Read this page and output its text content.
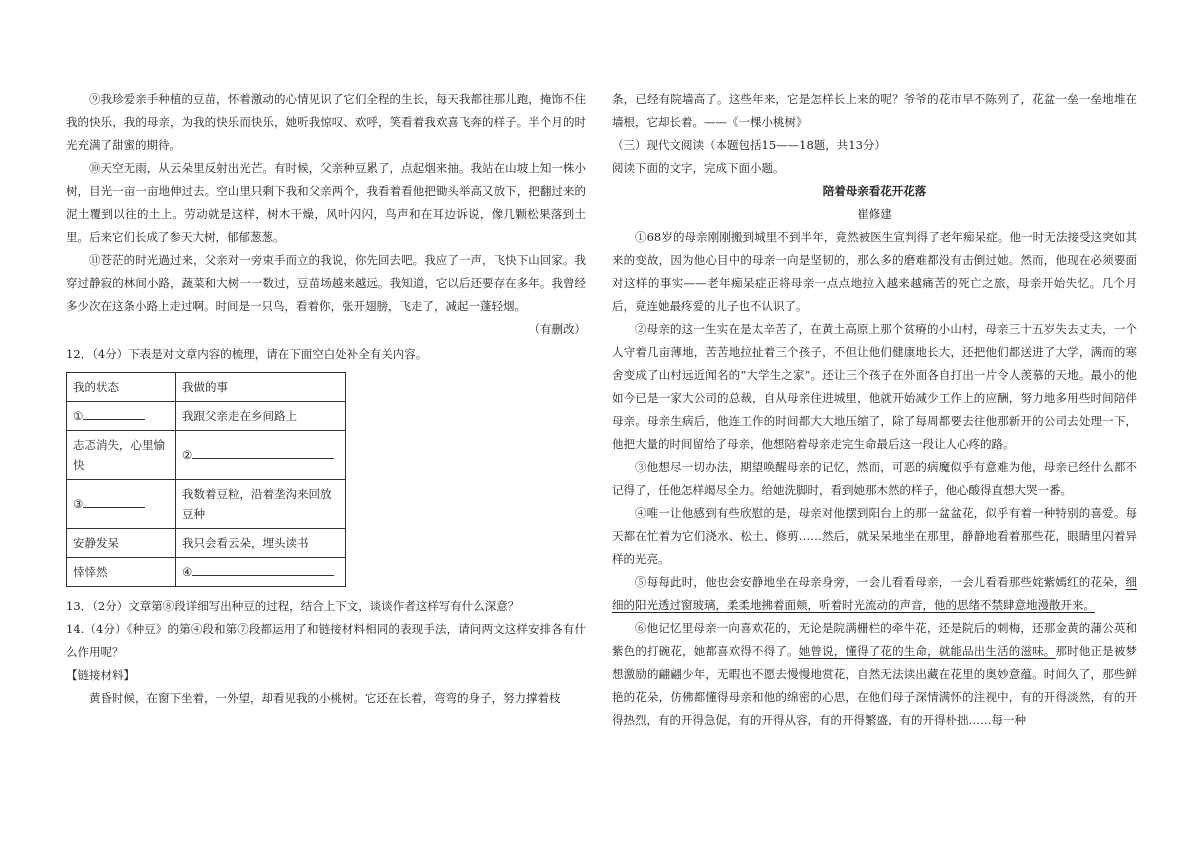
⑨我珍爱亲手种植的豆苗，怀着激动的心情见识了它们全程的生长，每天我都往那儿跑，掩饰不住我的快乐，我的母亲，为我的快乐而快乐，她听我惊叹、欢呼，笑看着我欢喜飞奔的样子。半个月的时光充满了甜蜜的期待。

⑩天空无雨，从云朵里反射出光芒。有时候，父亲种豆累了，点起烟来抽。我站在山坡上知一株小树，目光一亩一亩地伸过去。空山里只剩下我和父亲两个，我看着看他把锄头举高又放下，把翻过来的泥土覆到以往的土上。劳动就是这样，树木干燥，风叶闪闪，鸟声和在耳边诉说，像几颗松果落到土里。后来它们长成了参天大树，郁郁葱葱。

⑪苍茫的时光過过来，父亲对一旁束手而立的我说，你先回去吧。我应了一声，飞快下山回家。我穿过静寂的林间小路，蔬菜和大树一一数过，豆苗场越来越远。我知道，它以后还要存在多年。我曾经多少次在这条小路上走过啊。时间是一只鸟，看着你，张开翅膀，飞走了，减起一蓬轻烟。

（有删改）

12．（4分）下表是对文章内容的梳理，请在下面空白处补全有关内容。

我的状态	我做的事
①	我跟父亲走在乡间路上
志忑消失，心里愉快	②
③	我数着豆粒，沿着垄沟来回放豆种
安静发呆	我只会看云朵，埋头读书
悻悻然	④

13．（2分）文章第⑧段详细写出种豆的过程，结合上下文，谈谈作者这样写有什么深意？

14.（4分）《种豆》的第④段和第⑦段都运用了和链接材料相同的表现手法，请问两文这样安排各有什么作用呢？

【链接材料】

黄昏时候，在窗下坐着，一外望，却看见我的小桃树。它还在长着，弯弯的身子，努力撑着枝

条，已经有院墙高了。这些年来，它是怎样长上来的呢？爷爷的花市早不陈列了，花盆一垒一垒地堆在墙根，它却长着。——《一棵小桃树》

（三）现代文阅读（本题包括15——18题，共13分）

阅读下面的文字，完成下面小题。

陪着母亲看花开花落

崔修建

①68岁的母亲刚刚搬到城里不到半年，竟然被医生宣判得了老年痴呆症。他一时无法接受这突如其来的变故，因为他心目中的母亲一向是坚韧的，那么多的磨难都没有击倒过她。然而，他现在必须要面对这样的事实——老年痴呆症正将母亲一点点地拉入越来越痛苦的死亡之旅，母亲开始失忆。几个月后，竟连她最疼爱的儿子也不认识了。

②母亲的这一生实在是太辛苦了，在黄土高原上那个贫瘠的小山村，母亲三十五岁失去丈夫，一个人守着几亩薄地，苦苦地拉扯着三个孩子，不但让他们健康地长大，还把他们都送进了大学，满而的寒舍变成了山村远近闻名的“大学生之家”。还让三个孩子在外面各自打出一片令人羡慕的天地。最小的他如今已是一家大公司的总裁，自从母亲住进城里，他就开始减少工作上的应酬，努力地多用些时间陪伴母亲。母亲生病后，他连工作的时间都大大地压缩了，除了每周都要去往他那新开的公司去处理一下，他把大量的时间留给了母亲，他想陪着母亲走完生命最后这一段让人心疼的路。

③他想尽一切办法，期望唤醒母亲的记忆，然而，可恶的病魔似乎有意难为他，母亲已经什么都不记得了，任他怎样竭尽全力。给她洗脚时，看到她那木然的样子，他心酸得直想大哭一番。

④唯一让他感到有些欣慰的是，母亲对他摆到阳台上的那一盆盆花，似乎有着一种特别的喜爱。每天都在忙着为它们浇水、松土、修剪……然后，就呆呆地坐在那里，静静地看着那些花，眼睛里闪着异样的光亮。

⑤每每此时，他也会安静地坐在母亲身旁，一会儿看看母亲，一会儿看看那些姹紫嫣红的花朵，细细的阳光透过窗玻璃，柔柔地拂着面颊，听着时光流动的声音，他的思绪不禁肆意地漫散开来。

⑥他记忆里母亲一向喜欢花的，无论是院满栅栏的牵牛花，还是院后的刺梅，还那金黄的蒲公英和紫色的打碗花，她都喜欢得不得了。她曾说，懂得了花的生命，就能品出生活的滋味。那时他正是被梦想激励的翩翩少年，无暇也不愿去慢慢地赏花，自然无法读出藏在花里的奥妙意蕴。时间久了，那些鲜艳的花朵，仿佛都懂得母亲和他的绵密的心思，在他们母子深情满怀的注视中，有的开得淡然，有的开得热烈，有的开得急促，有的开得从容，有的开得繁盛，有的开得朴拙……每一种
